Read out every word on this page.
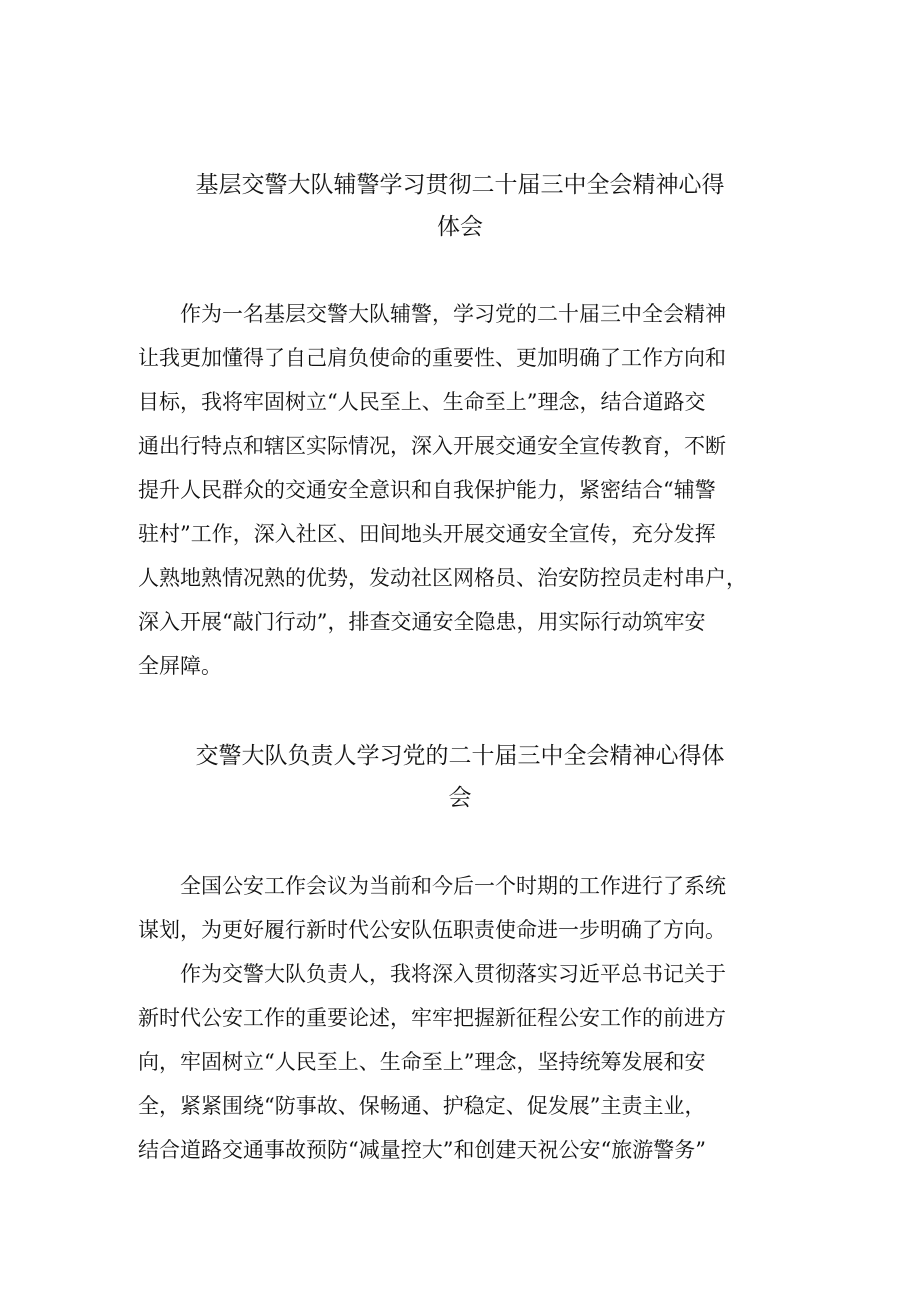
基层交警大队辅警学习贯彻二十届三中全会精神心得
体会
作为一名基层交警大队辅警，学习党的二十届三中全会精神
让我更加懂得了自己肩负使命的重要性、更加明确了工作方向和
目标，我将牢固树立“人民至上、生命至上”理念，结合道路交
通出行特点和辖区实际情况，深入开展交通安全宣传教育，不断
提升人民群众的交通安全意识和自我保护能力，紧密结合“辅警
驻村”工作，深入社区、田间地头开展交通安全宣传，充分发挥
人熟地熟情况熟的优势，发动社区网格员、治安防控员走村串户，
深入开展“敲门行动”，排查交通安全隐患，用实际行动筑牢安
全屏障。
交警大队负责人学习党的二十届三中全会精神心得体
会
全国公安工作会议为当前和今后一个时期的工作进行了系统
谋划，为更好履行新时代公安队伍职责使命进一步明确了方向。
作为交警大队负责人，我将深入贯彻落实习近平总书记关于
新时代公安工作的重要论述，牢牢把握新征程公安工作的前进方
向，牢固树立“人民至上、生命至上”理念，坚持统筹发展和安
全，紧紧围绕“防事故、保畅通、护稳定、促发展”主责主业，
结合道路交通事故预防“减量控大”和创建天祝公安“旅游警务”
